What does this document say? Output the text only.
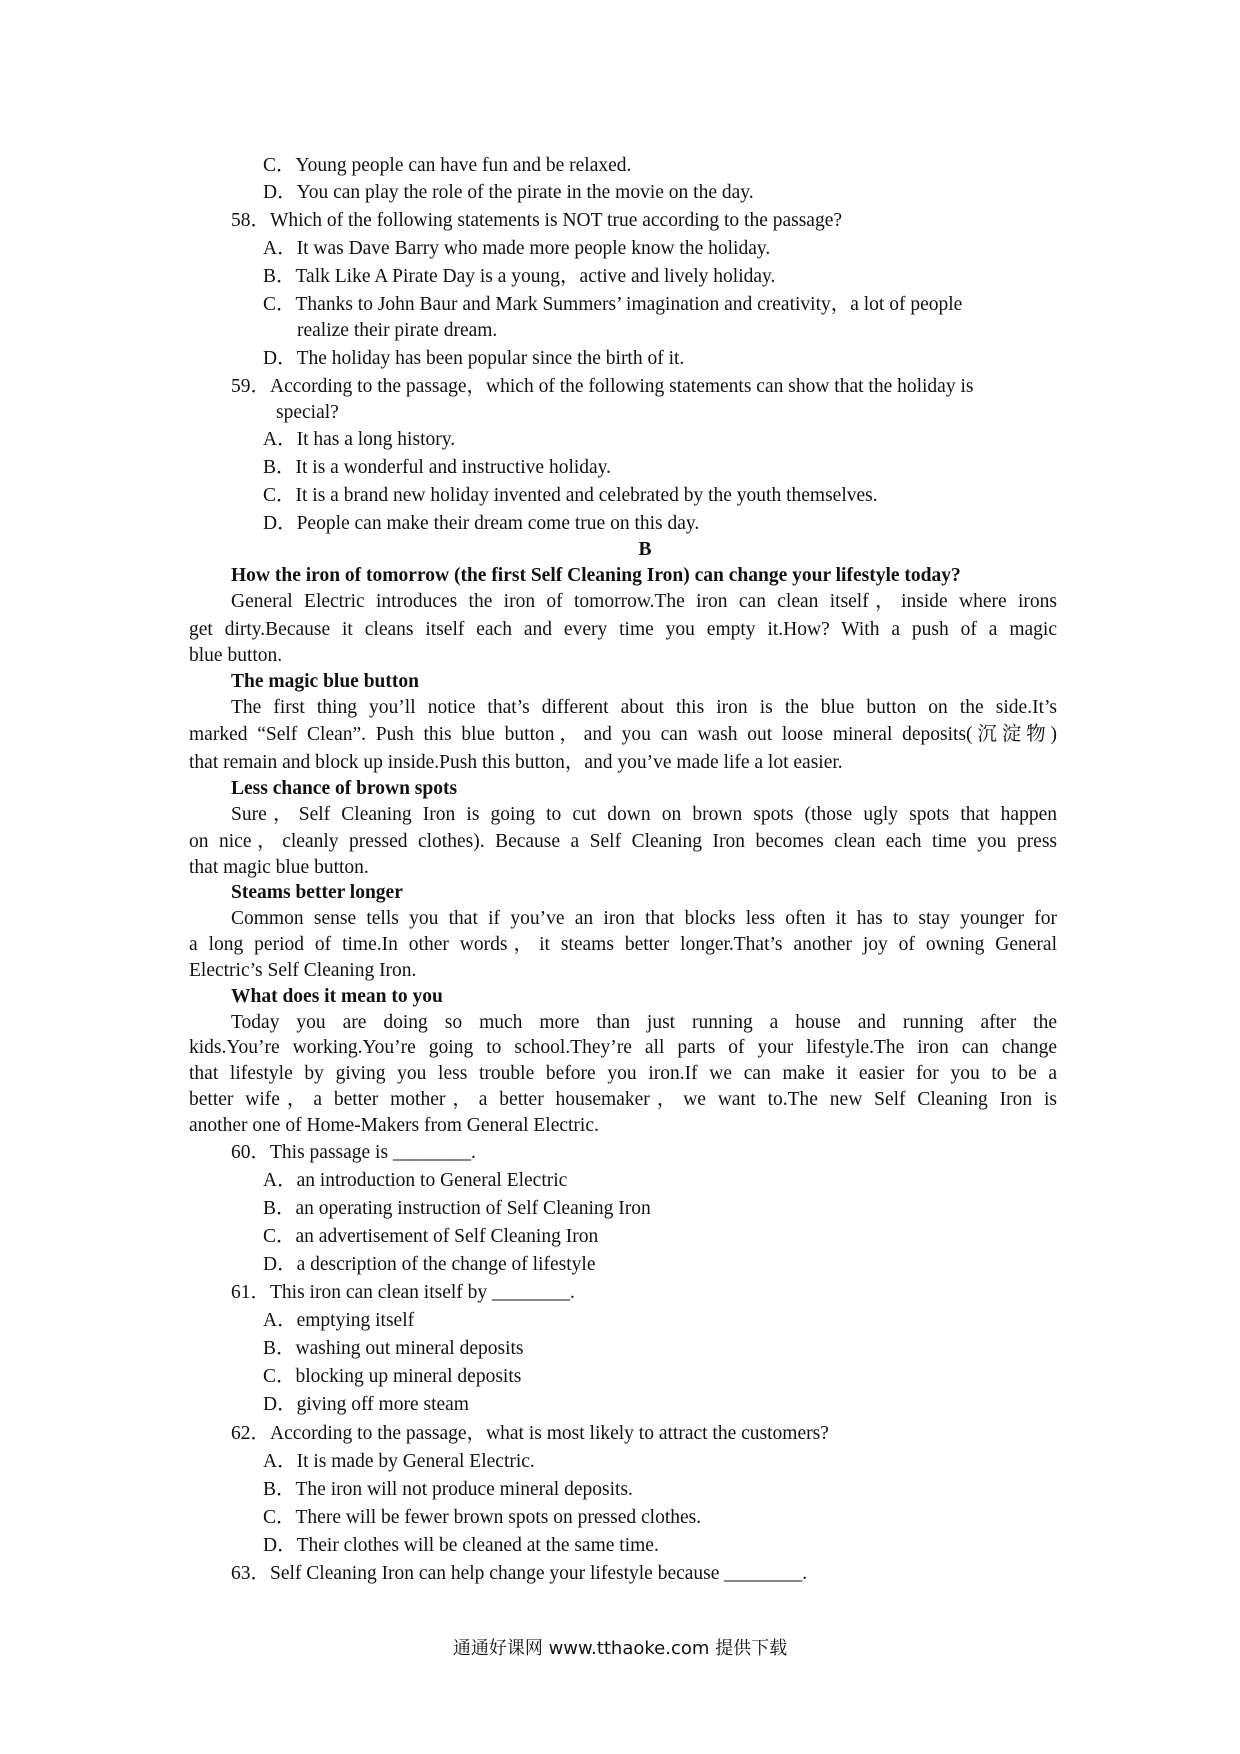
C．Young people can have fun and be relaxed.
D．You can play the role of the pirate in the movie on the day.
58．Which of the following statements is NOT true according to the passage?
A．It was Dave Barry who made more people know the holiday.
B．Talk Like A Pirate Day is a young，active and lively holiday.
C．Thanks to John Baur and Mark Summers’ imagination and creativity，a lot of people
realize their pirate dream.
D．The holiday has been popular since the birth of it.
59．According to the passage，which of the following statements can show that the holiday is
special?
A．It has a long history.
B．It is a wonderful and instructive holiday.
C．It is a brand new holiday invented and celebrated by the youth themselves.
D．People can make their dream come true on this day.
B
How the iron of tomorrow (the first Self Cleaning Iron) can change your lifestyle today?
General Electric introduces the iron of tomorrow.The iron can clean itself，inside where irons
get dirty.Because it cleans itself each and every time you empty it.How? With a push of a magic
blue button.
The magic blue button
The first thing you’ll notice that’s different about this iron is the blue button on the side.It’s
marked “Self Clean”. Push this blue button，and you can wash out loose mineral deposits(沉淀物)
that remain and block up inside.Push this button，and you’ve made life a lot easier.
Less chance of brown spots
Sure，Self Cleaning Iron is going to cut down on brown spots (those ugly spots that happen
on nice，cleanly pressed clothes). Because a Self Cleaning Iron becomes clean each time you press
that magic blue button.
Steams better longer
Common sense tells you that if you’ve an iron that blocks less often it has to stay younger for
a long period of time.In other words，it steams better longer.That’s another joy of owning General
Electric’s Self Cleaning Iron.
What does it mean to you
Today you are doing so much more than just running a house and running after the
kids.You’re working.You’re going to school.They’re all parts of your lifestyle.The iron can change
that lifestyle by giving you less trouble before you iron.If we can make it easier for you to be a
better wife，a better mother，a better housemaker，we want to.The new Self Cleaning Iron is
another one of Home-Makers from General Electric.
60．This passage is ________.
A．an introduction to General Electric
B．an operating instruction of Self Cleaning Iron
C．an advertisement of Self Cleaning Iron
D．a description of the change of lifestyle
61．This iron can clean itself by ________.
A．emptying itself
B．washing out mineral deposits
C．blocking up mineral deposits
D．giving off more steam
62．According to the passage，what is most likely to attract the customers?
A．It is made by General Electric.
B．The iron will not produce mineral deposits.
C．There will be fewer brown spots on pressed clothes.
D．Their clothes will be cleaned at the same time.
63．Self Cleaning Iron can help change your lifestyle because ________.
通通好课网 www.tthaoke.com 提供下载
